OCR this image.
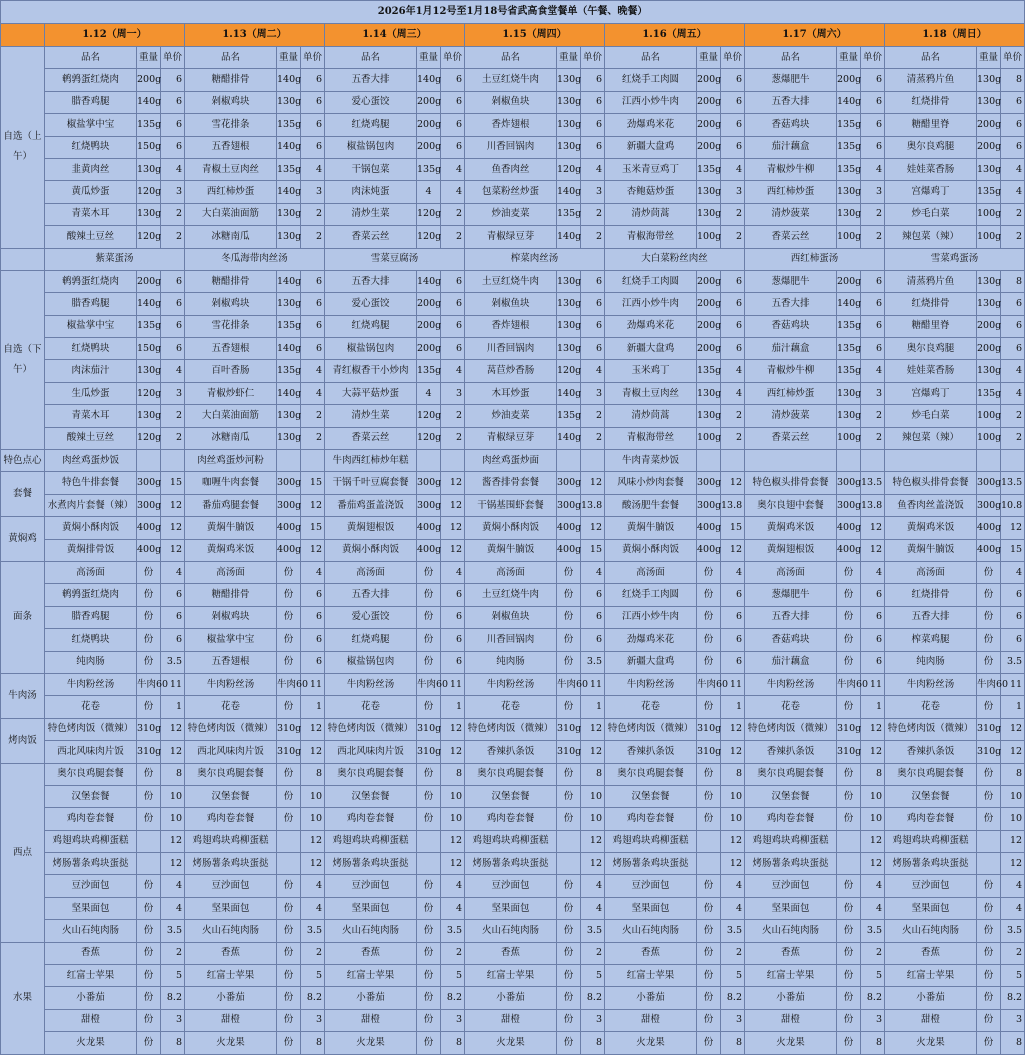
2026年1月12号至1月18号省武高食堂餐单（午餐、晚餐）																					
	1.12（周一）			1.13（周二）			1.14（周三）			1.15（周四）			1.16（周五）			1.17（周六）			1.18（周日）		
自选（上午）	品名	重量	单价	品名	重量	单价	品名	重量	单价	品名	重量	单价	品名	重量	单价	品名	重量	单价	品名	重量	单价
	鹌鹑蛋红烧肉	200g	6	糖醋排骨	140g	6	五香大排	140g	6	土豆红烧牛肉	130g	6	红烧手工肉圆	200g	6	葱爆肥牛	200g	6	清蒸鸦片鱼	130g	8
	腊香鸡腿	140g	6	剁椒鸡块	130g	6	爱心蛋饺	200g	6	剁椒鱼块	130g	6	江西小炒牛肉	200g	6	五香大排	140g	6	红烧排骨	130g	6
	椒盐掌中宝	135g	6	雪花排条	135g	6	红烧鸡腿	200g	6	香炸翅根	130g	6	劲爆鸡米花	200g	6	香菇鸡块	135g	6	糖醋里脊	200g	6
	红烧鸭块	150g	6	五香翅根	140g	6	椒盐锅包肉	200g	6	川香回锅肉	130g	6	新疆大盘鸡	200g	6	茄汁藕盒	135g	6	奥尔良鸡腿	200g	6
	韭黄肉丝	130g	4	青椒土豆肉丝	135g	4	干锅包菜	135g	4	鱼香肉丝	120g	4	玉米青豆鸡丁	135g	4	青椒炒牛柳	135g	4	娃娃菜香肠	130g	4
	黄瓜炒蛋	120g	3	西红柿炒蛋	140g	3	肉沫炖蛋	4	4	包菜粉丝炒蛋	140g	3	杏鲍菇炒蛋	130g	3	西红柿炒蛋	130g	3	宫爆鸡丁	135g	4
	青菜木耳	130g	2	大白菜油面筋	130g	2	清炒生菜	120g	2	炒油麦菜	135g	2	清炒茼蒿	130g	2	清炒菠菜	130g	2	炒毛白菜	100g	2
	酸辣土豆丝	120g	2	冰糖南瓜	130g	2	香菜云丝	120g	2	青椒绿豆芽	140g	2	青椒海带丝	100g	2	香菜云丝	100g	2	辣包菜（辣）	100g	2
	紫菜蛋汤			冬瓜海带肉丝汤			雪菜豆腐汤			榨菜肉丝汤			大白菜粉丝肉丝			西红柿蛋汤			雪菜鸡蛋汤		
自选（下午）	鹌鹑蛋红烧肉	200g	6	糖醋排骨	140g	6	五香大排	140g	6	土豆红烧牛肉	130g	6	红烧手工肉圆	200g	6	葱爆肥牛	200g	6	清蒸鸦片鱼	130g	8
	腊香鸡腿	140g	6	剁椒鸡块	130g	6	爱心蛋饺	200g	6	剁椒鱼块	130g	6	江西小炒牛肉	200g	6	五香大排	140g	6	红烧排骨	130g	6
	椒盐掌中宝	135g	6	雪花排条	135g	6	红烧鸡腿	200g	6	香炸翅根	130g	6	劲爆鸡米花	200g	6	香菇鸡块	135g	6	糖醋里脊	200g	6
	红烧鸭块	150g	6	五香翅根	140g	6	椒盐锅包肉	200g	6	川香回锅肉	130g	6	新疆大盘鸡	200g	6	茄汁藕盒	135g	6	奥尔良鸡腿	200g	6
	肉沫茄汁	130g	4	百叶香肠	135g	4	青红椒香干小炒肉	135g	4	莴苣炒香肠	120g	4	玉米鸡丁	135g	4	青椒炒牛柳	135g	4	娃娃菜香肠	130g	4
	生瓜炒蛋	120g	3	青椒炒虾仁	140g	4	大蒜平菇炒蛋	4	3	木耳炒蛋	140g	3	青椒土豆肉丝	130g	4	西红柿炒蛋	130g	3	宫爆鸡丁	135g	4
	青菜木耳	130g	2	大白菜油面筋	130g	2	清炒生菜	120g	2	炒油麦菜	135g	2	清炒茼蒿	130g	2	清炒菠菜	130g	2	炒毛白菜	100g	2
	酸辣土豆丝	120g	2	冰糖南瓜	130g	2	香菜云丝	120g	2	青椒绿豆芽	140g	2	青椒海带丝	100g	2	香菜云丝	100g	2	辣包菜（辣）	100g	2
特色点心	肉丝鸡蛋炒饭			肉丝鸡蛋炒河粉			牛肉西红柿炒年糕			肉丝鸡蛋炒面			牛肉青菜炒饭								
套餐	特色牛排套餐	300g	15	咖喱牛肉套餐	300g	15	干锅千叶豆腐套餐	300g	12	酱香排骨套餐	300g	12	风味小炒肉套餐	300g	12	特色椒头排骨套餐	300g	13.5	特色椒头排骨套餐	300g	13.5
	水煮肉片套餐（辣）	300g	12	番茄鸡腿套餐	300g	12	番茄鸡蛋盖浇饭	300g	12	干锅基围虾套餐	300g	13.8	酸汤肥牛套餐	300g	13.8	奥尔良翅中套餐	300g	13.8	鱼香肉丝盖浇饭	300g	10.8
黄焖鸡	黄焖小酥肉饭	400g	12	黄焖牛腩饭	400g	15	黄焖翅根饭	400g	12	黄焖小酥肉饭	400g	12	黄焖牛腩饭	400g	15	黄焖鸡米饭	400g	12	黄焖鸡米饭	400g	12
	黄焖排骨饭	400g	12	黄焖鸡米饭	400g	12	黄焖小酥肉饭	400g	12	黄焖牛腩饭	400g	15	黄焖小酥肉饭	400g	12	黄焖翅根饭	400g	12	黄焖牛腩饭	400g	15
面条	高汤面	份	4	高汤面	份	4	高汤面	份	4	高汤面	份	4	高汤面	份	4	高汤面	份	4	高汤面	份	4
	鹌鹑蛋红烧肉	份	6	糖醋排骨	份	6	五香大排	份	6	土豆红烧牛肉	份	6	红烧手工肉圆	份	6	葱爆肥牛	份	6	红烧排骨	份	6
	腊香鸡腿	份	6	剁椒鸡块	份	6	爱心蛋饺	份	6	剁椒鱼块	份	6	江西小炒牛肉	份	6	五香大排	份	6	五香大排	份	6
	红烧鸭块	份	6	椒盐掌中宝	份	6	红烧鸡腿	份	6	川香回锅肉	份	6	劲爆鸡米花	份	6	香菇鸡块	份	6	榨菜鸡腿	份	6
	纯肉肠	份	3.5	五香翅根	份	6	椒盐锅包肉	份	6	纯肉肠	份	3.5	新疆大盘鸡	份	6	茄汁藕盒	份	6	纯肉肠	份	3.5
牛肉汤	牛肉粉丝汤	牛肉60	11	牛肉粉丝汤	牛肉60	11	牛肉粉丝汤	牛肉60	11	牛肉粉丝汤	牛肉60	11	牛肉粉丝汤	牛肉60	11	牛肉粉丝汤	牛肉60	11	牛肉粉丝汤	牛肉60	11
	花卷	份	1	花卷	份	1	花卷	份	1	花卷	份	1	花卷	份	1	花卷	份	1	花卷	份	1
烤肉饭	特色烤肉饭（微辣）	310g	12	特色烤肉饭（微辣）	310g	12	特色烤肉饭（微辣）	310g	12	特色烤肉饭（微辣）	310g	12	特色烤肉饭（微辣）	310g	12	特色烤肉饭（微辣）	310g	12	特色烤肉饭（微辣）	310g	12
	西北风味肉片饭	310g	12	西北风味肉片饭	310g	12	西北风味肉片饭	310g	12	香辣扒条饭	310g	12	香辣扒条饭	310g	12	香辣扒条饭	310g	12	香辣扒条饭	310g	12
西点	奥尔良鸡腿套餐	份	8	奥尔良鸡腿套餐	份	8	奥尔良鸡腿套餐	份	8	奥尔良鸡腿套餐	份	8	奥尔良鸡腿套餐	份	8	奥尔良鸡腿套餐	份	8	奥尔良鸡腿套餐	份	8
	汉堡套餐	份	10	汉堡套餐	份	10	汉堡套餐	份	10	汉堡套餐	份	10	汉堡套餐	份	10	汉堡套餐	份	10	汉堡套餐	份	10
	鸡肉卷套餐	份	10	鸡肉卷套餐	份	10	鸡肉卷套餐	份	10	鸡肉卷套餐	份	10	鸡肉卷套餐	份	10	鸡肉卷套餐	份	10	鸡肉卷套餐	份	10
	鸡翅鸡块鸡柳蛋糕		12	鸡翅鸡块鸡柳蛋糕		12	鸡翅鸡块鸡柳蛋糕		12	鸡翅鸡块鸡柳蛋糕		12	鸡翅鸡块鸡柳蛋糕		12	鸡翅鸡块鸡柳蛋糕		12	鸡翅鸡块鸡柳蛋糕		12
	烤肠薯条鸡块蛋挞		12	烤肠薯条鸡块蛋挞		12	烤肠薯条鸡块蛋挞		12	烤肠薯条鸡块蛋挞		12	烤肠薯条鸡块蛋挞		12	烤肠薯条鸡块蛋挞		12	烤肠薯条鸡块蛋挞		12
	豆沙面包	份	4	豆沙面包	份	4	豆沙面包	份	4	豆沙面包	份	4	豆沙面包	份	4	豆沙面包	份	4	豆沙面包	份	4
	坚果面包	份	4	坚果面包	份	4	坚果面包	份	4	坚果面包	份	4	坚果面包	份	4	坚果面包	份	4	坚果面包	份	4
	火山石纯肉肠	份	3.5	火山石纯肉肠	份	3.5	火山石纯肉肠	份	3.5	火山石纯肉肠	份	3.5	火山石纯肉肠	份	3.5	火山石纯肉肠	份	3.5	火山石纯肉肠	份	3.5
水果	香蕉	份	2	香蕉	份	2	香蕉	份	2	香蕉	份	2	香蕉	份	2	香蕉	份	2	香蕉	份	2
	红富士苹果	份	5	红富士苹果	份	5	红富士苹果	份	5	红富士苹果	份	5	红富士苹果	份	5	红富士苹果	份	5	红富士苹果	份	5
	小番茄	份	8.2	小番茄	份	8.2	小番茄	份	8.2	小番茄	份	8.2	小番茄	份	8.2	小番茄	份	8.2	小番茄	份	8.2
	甜橙	份	3	甜橙	份	3	甜橙	份	3	甜橙	份	3	甜橙	份	3	甜橙	份	3	甜橙	份	3
	火龙果	份	8	火龙果	份	8	火龙果	份	8	火龙果	份	8	火龙果	份	8	火龙果	份	8	火龙果	份	8
